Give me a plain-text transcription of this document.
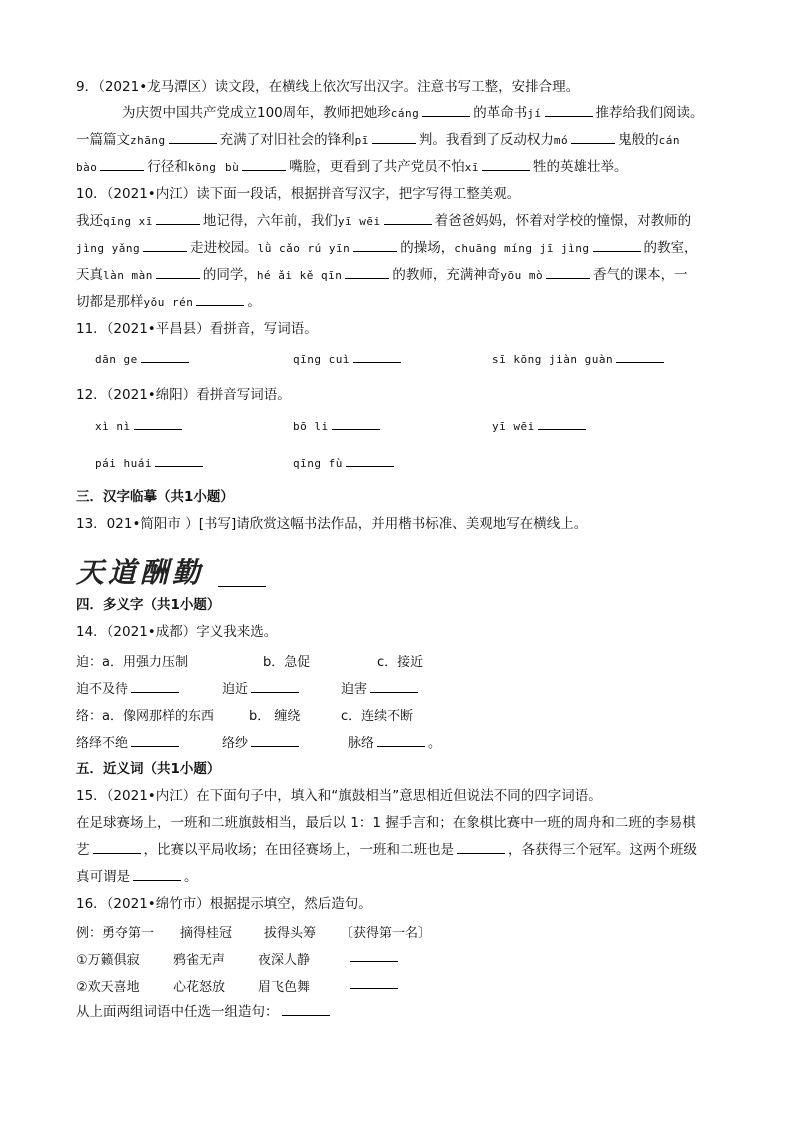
9．（2021•龙马潭区）读文段，在横线上依次写出汉字。注意书写工整，安排合理。
为庆贺中国共产党成立100周年，教师把她珍cáng	的革命书jí	推荐给我们阅读。
一篇篇文zhāng	充满了对旧社会的锋利pī	判。我看到了反动权力mó	鬼般的cán
bào	行径和kōng bù	嘴脸，更看到了共产党员不怕xī	牲的英雄壮举。
10．（2021•内江）读下面一段话，根据拼音写汉字，把字写得工整美观。
我还qīng xī	地记得，六年前，我们yī wēi	着爸爸妈妈，怀着对学校的憧憬，对教师的
jìng yǎng	走进校园。lǜ cǎo rú yīn	的操场，chuāng míng jī jìng	的教室，
天真làn màn	的同学，hé ǎi kě qīn	的教师，充满神奇yōu mò	香气的课本，一
切都是那样yǒu rén	。
11．（2021•平昌县）看拼音，写词语。
dān ge	qīng cuì	sī kōng jiàn guàn
12．（2021•绵阳）看拼音写词语。
xì nì	bō li	yī wēi
pái huái	qīng fù
三．汉字临摹（共1小题）
13．021•简阳市 ）[书写]请欣赏这幅书法作品，并用楷书标准、美观地写在横线上。
天道酬勤
四．多义字（共1小题）
14．（2021•成都）字义我来选。
迫：a．用强力压制	b．急促	c．接近
迫不及待	迫近	迫害
络：a．像网那样的东西	b． 缠绕	c．连续不断
络绎不绝	络纱	脉络	。
五．近义词（共1小题）
15．（2021•内江）在下面句子中，填入和“旗鼓相当”意思相近但说法不同的四字词语。
在足球赛场上，一班和二班旗鼓相当，最后以 1：1 握手言和；在象棋比赛中一班的周舟和二班的李易棋
艺	，比赛以平局收场；在田径赛场上，一班和二班也是	，各获得三个冠军。这两个班级
真可谓是	。
16．（2021•绵竹市）根据提示填空，然后造句。
例：勇夺第一 摘得桂冠 拔得头筹 〔获得第一名〕
①万籁俱寂	鸦雀无声	夜深人静
②欢天喜地	心花怒放	眉飞色舞
从上面两组词语中任选一组造句：
